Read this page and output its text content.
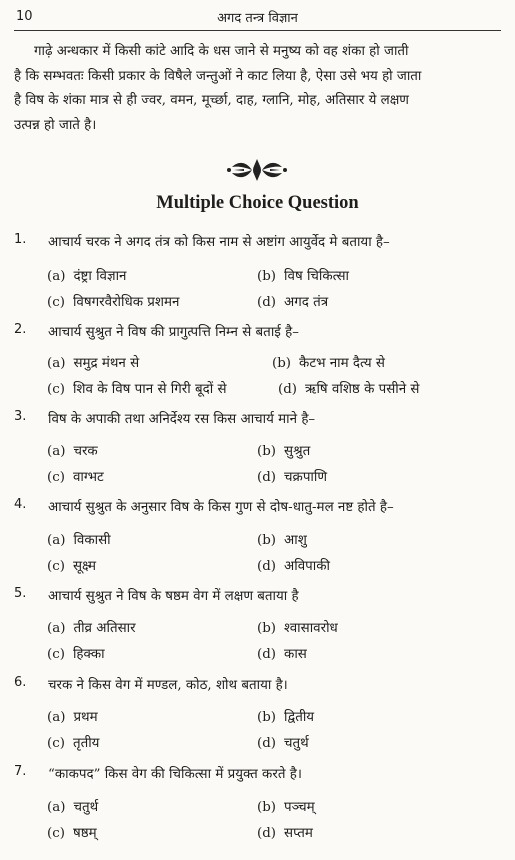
10	अगद तन्त्र विज्ञान

गाढ़े अन्धकार में किसी कांटे आदि के धस जाने से मनुष्य को वह शंका हो जाती

है कि सम्भवतः किसी प्रकार के विषैले जन्तुओं ने काट लिया है, ऐसा उसे भय हो जाता
है विष के शंका मात्र से ही ज्वर, वमन, मूर्च्छा, दाह, ग्लानि, मोह, अतिसार ये लक्षण
उत्पन्न हो जाते है।
Multiple Choice Question
1.	आचार्य चरक ने अगद तंत्र को किस नाम से अष्टांग आयुर्वेद मे बताया है–
(a) दंष्ट्रा विज्ञान	(b) विष चिकित्सा
(c) विषगरवैरोधिक प्रशमन	(d) अगद तंत्र
2.	आचार्य सुश्रुत ने विष की प्रागुत्पत्ति निम्न से बताई है–
(a) समुद्र मंथन से	(b) कैटभ नाम दैत्य से
(c) शिव के विष पान से गिरी बूदों से	(d) ऋषि वशिष्ठ के पसीने से
3.	विष के अपाकी तथा अनिर्देश्य रस किस आचार्य माने है–
(a) चरक	(b) सुश्रुत
(c) वाग्भट	(d) चक्रपाणि
4.	आचार्य सुश्रुत के अनुसार विष के किस गुण से दोष-धातु-मल नष्ट होते है–
(a) विकासी	(b) आशु
(c) सूक्ष्म	(d) अविपाकी
5.	आचार्य सुश्रुत ने विष के षष्ठम वेग में लक्षण बताया है
(a) तीव्र अतिसार	(b) श्वासावरोध
(c) हिक्का	(d) कास
6.	चरक ने किस वेग में मण्डल, कोठ, शोथ बताया है।
(a) प्रथम	(b) द्वितीय
(c) तृतीय	(d) चतुर्थ
7.	“काकपद” किस वेग की चिकित्सा में प्रयुक्त करते है।
(a) चतुर्थ	(b) पञ्चम्
(c) षष्ठम्	(d) सप्तम
